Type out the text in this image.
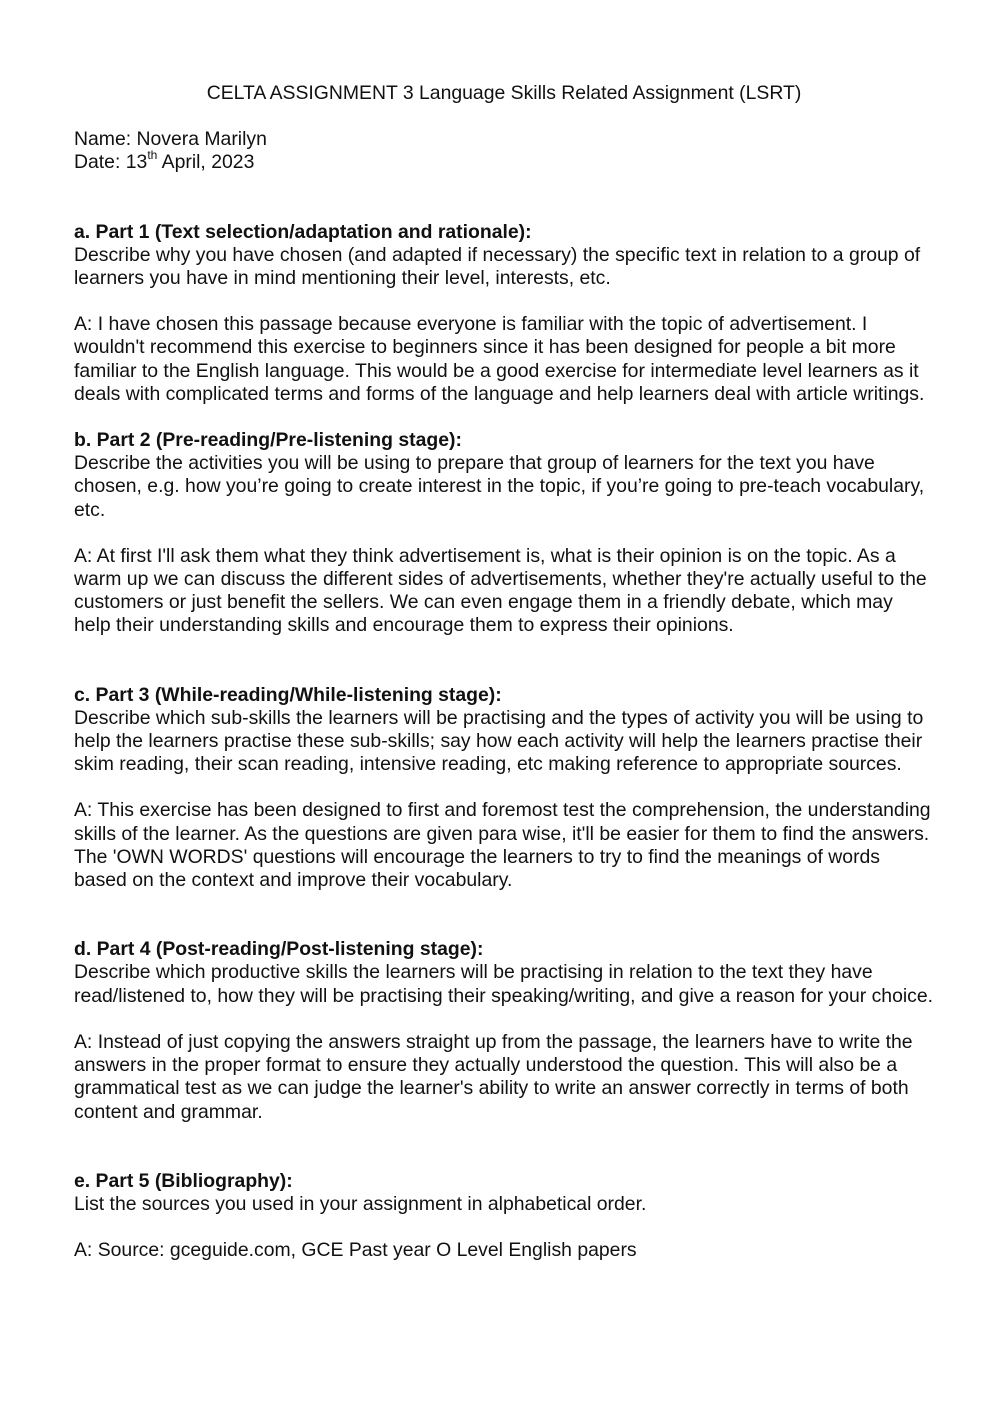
CELTA ASSIGNMENT 3 Language Skills Related Assignment (LSRT)

Name: Novera Marilyn

Date: 13th April, 2023

a. Part 1 (Text selection/adaptation and rationale):

Describe why you have chosen (and adapted if necessary) the specific text in relation to a group of learners you have in mind mentioning their level, interests, etc.

A: I have chosen this passage because everyone is familiar with the topic of advertisement. I wouldn't recommend this exercise to beginners since it has been designed for people a bit more familiar to the English language. This would be a good exercise for intermediate level learners as it deals with complicated terms and forms of the language and help learners deal with article writings.

b. Part 2 (Pre-reading/Pre-listening stage):

Describe the activities you will be using to prepare that group of learners for the text you have chosen, e.g. how you’re going to create interest in the topic, if you’re going to pre-teach vocabulary, etc.

A: At first I'll ask them what they think advertisement is, what is their opinion is on the topic. As a warm up we can discuss the different sides of advertisements, whether they're actually useful to the customers or just benefit the sellers. We can even engage them in a friendly debate, which may help their understanding skills and encourage them to express their opinions.

c. Part 3 (While-reading/While-listening stage):

Describe which sub-skills the learners will be practising and the types of activity you will be using to help the learners practise these sub-skills; say how each activity will help the learners practise their skim reading, their scan reading, intensive reading, etc making reference to appropriate sources.

A: This exercise has been designed to first and foremost test the comprehension, the understanding skills of the learner. As the questions are given para wise, it'll be easier for them to find the answers. The 'OWN WORDS' questions will encourage the learners to try to find the meanings of words based on the context and improve their vocabulary.

d. Part 4 (Post-reading/Post-listening stage):

Describe which productive skills the learners will be practising in relation to the text they have read/listened to, how they will be practising their speaking/writing, and give a reason for your choice.

A: Instead of just copying the answers straight up from the passage, the learners have to write the answers in the proper format to ensure they actually understood the question. This will also be a grammatical test as we can judge the learner's ability to write an answer correctly in terms of both content and grammar.

e. Part 5 (Bibliography):

List the sources you used in your assignment in alphabetical order.

A: Source: gceguide.com, GCE Past year O Level English papers
